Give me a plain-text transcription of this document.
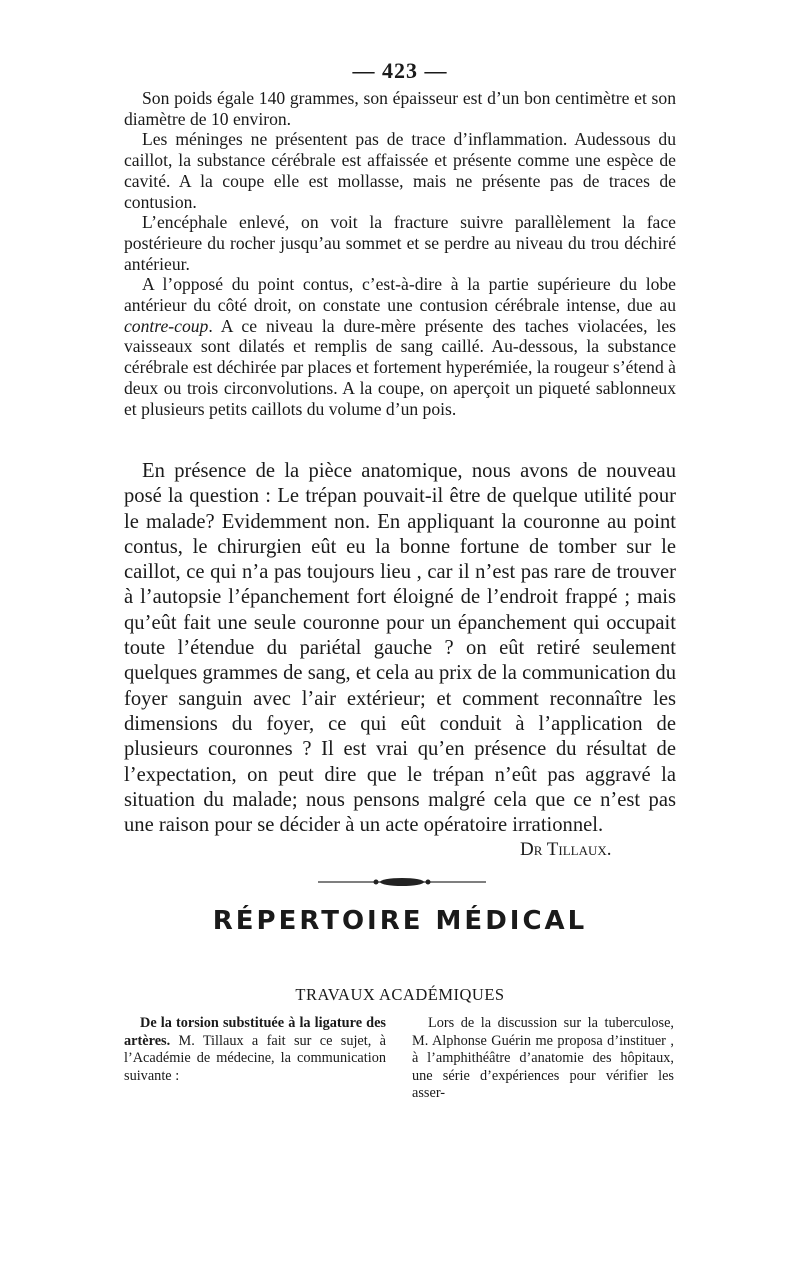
— 423 —

Son poids égale 140 grammes, son épaisseur est d’un bon centimètre et son diamètre de 10 environ.

Les méninges ne présentent pas de trace d’inflammation. Audessous du caillot, la substance cérébrale est affaissée et présente comme une espèce de cavité. A la coupe elle est mollasse, mais ne présente pas de traces de contusion.

L’encéphale enlevé, on voit la fracture suivre parallèlement la face postérieure du rocher jusqu’au sommet et se perdre au niveau du trou déchiré antérieur.

A l’opposé du point contus, c’est-à-dire à la partie supérieure du lobe antérieur du côté droit, on constate une contusion cérébrale intense, due au contre-coup. A ce niveau la dure-mère présente des taches violacées, les vaisseaux sont dilatés et remplis de sang caillé. Au-dessous, la substance cérébrale est déchirée par places et fortement hyperémiée, la rougeur s’étend à deux ou trois circonvolutions. A la coupe, on aperçoit un piqueté sablonneux et plusieurs petits caillots du volume d’un pois.

En présence de la pièce anatomique, nous avons de nouveau posé la question : Le trépan pouvait-il être de quelque utilité pour le malade? Evidemment non. En appliquant la couronne au point contus, le chirurgien eût eu la bonne fortune de tomber sur le caillot, ce qui n’a pas toujours lieu , car il n’est pas rare de trouver à l’autopsie l’épanchement fort éloigné de l’endroit frappé ; mais qu’eût fait une seule couronne pour un épanchement qui occupait toute l’étendue du pariétal gauche ? on eût retiré seulement quelques grammes de sang, et cela au prix de la communication du foyer sanguin avec l’air extérieur; et comment reconnaître les dimensions du foyer, ce qui eût conduit à l’application de plusieurs couronnes ? Il est vrai qu’en présence du résultat de l’expectation, on peut dire que le trépan n’eût pas aggravé la situation du malade; nous pensons malgré cela que ce n’est pas une raison pour se décider à un acte opératoire irrationnel.

Dr Tillaux.
RÉPERTOIRE MÉDICAL
TRAVAUX ACADÉMIQUES

De la torsion substituée à la ligature des artères. M. Tillaux a fait sur ce sujet, à l’Académie de médecine, la communication suivante :

Lors de la discussion sur la tuberculose, M. Alphonse Guérin me proposa d’instituer , à l’amphithéâtre d’anatomie des hôpitaux, une série d’expériences pour vérifier les asser-
